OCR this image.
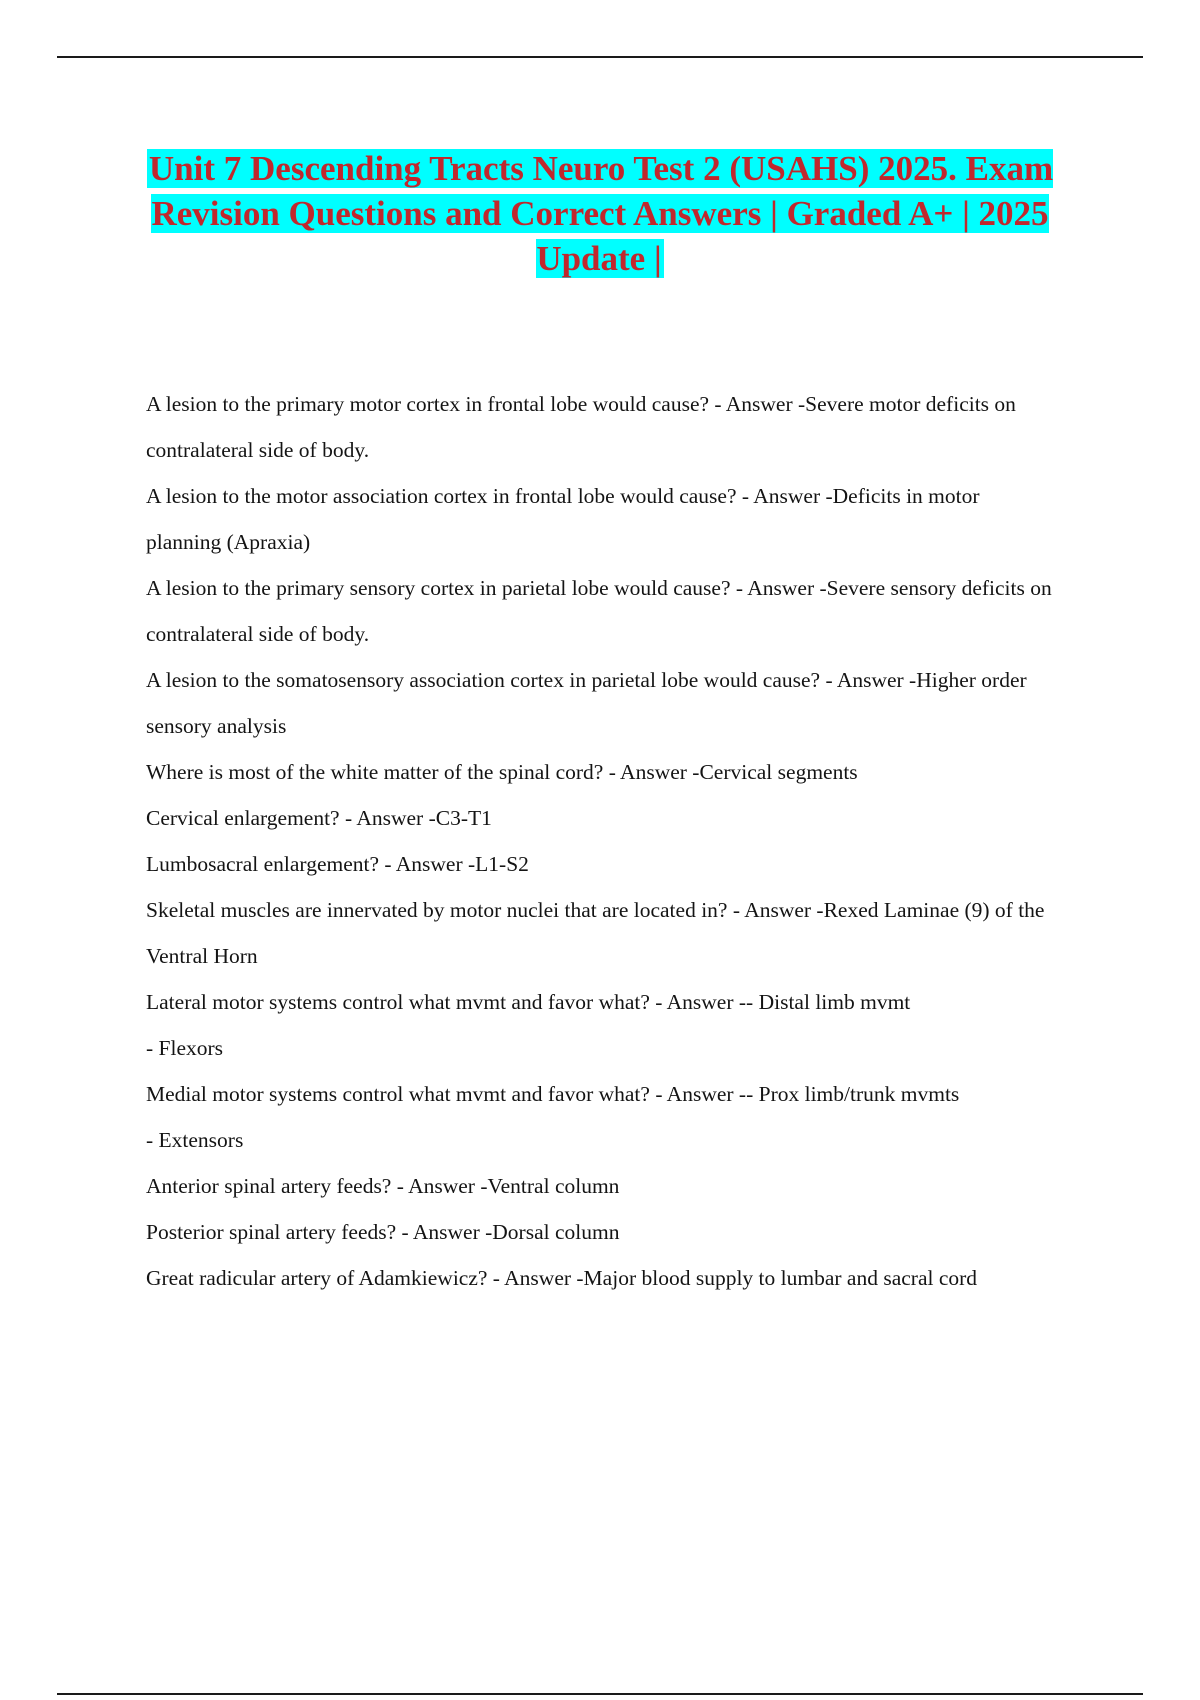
Unit 7 Descending Tracts Neuro Test 2 (USAHS) 2025. Exam Revision Questions and Correct Answers | Graded A+ | 2025 Update |

A lesion to the primary motor cortex in frontal lobe would cause? - Answer -Severe motor deficits on

contralateral side of body.

A lesion to the motor association cortex in frontal lobe would cause? - Answer -Deficits in motor

planning (Apraxia)

A lesion to the primary sensory cortex in parietal lobe would cause? - Answer -Severe sensory deficits on

contralateral side of body.

A lesion to the somatosensory association cortex in parietal lobe would cause? - Answer -Higher order

sensory analysis

Where is most of the white matter of the spinal cord? - Answer -Cervical segments

Cervical enlargement? - Answer -C3-T1

Lumbosacral enlargement? - Answer -L1-S2

Skeletal muscles are innervated by motor nuclei that are located in? - Answer -Rexed Laminae (9) of the

Ventral Horn

Lateral motor systems control what mvmt and favor what? - Answer -- Distal limb mvmt

- Flexors

Medial motor systems control what mvmt and favor what? - Answer -- Prox limb/trunk mvmts

- Extensors

Anterior spinal artery feeds? - Answer -Ventral column

Posterior spinal artery feeds? - Answer -Dorsal column

Great radicular artery of Adamkiewicz? - Answer -Major blood supply to lumbar and sacral cord
